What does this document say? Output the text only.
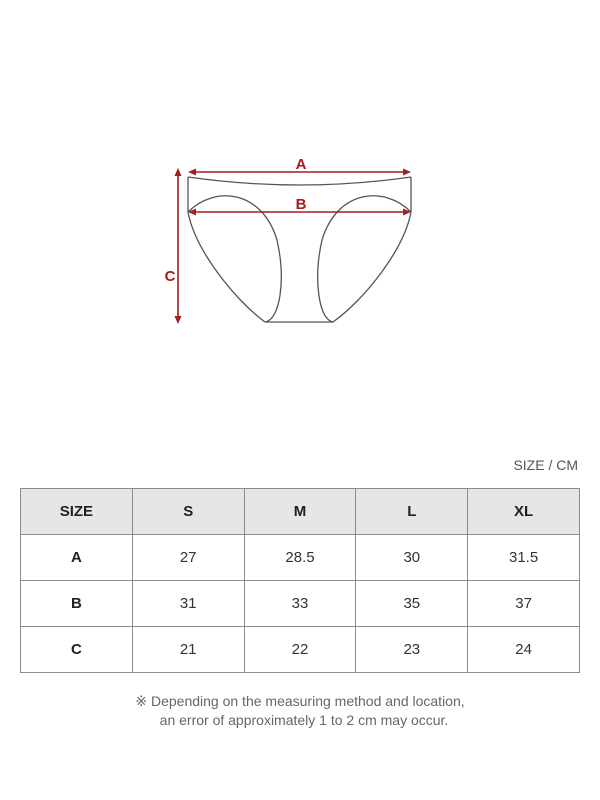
A
B
C
SIZE / CM
SIZE	S	M	L	XL
A	27	28.5	30	31.5
B	31	33	35	37
C	21	22	23	24
※ Depending on the measuring method and location,
an error of approximately 1 to 2 cm may occur.
